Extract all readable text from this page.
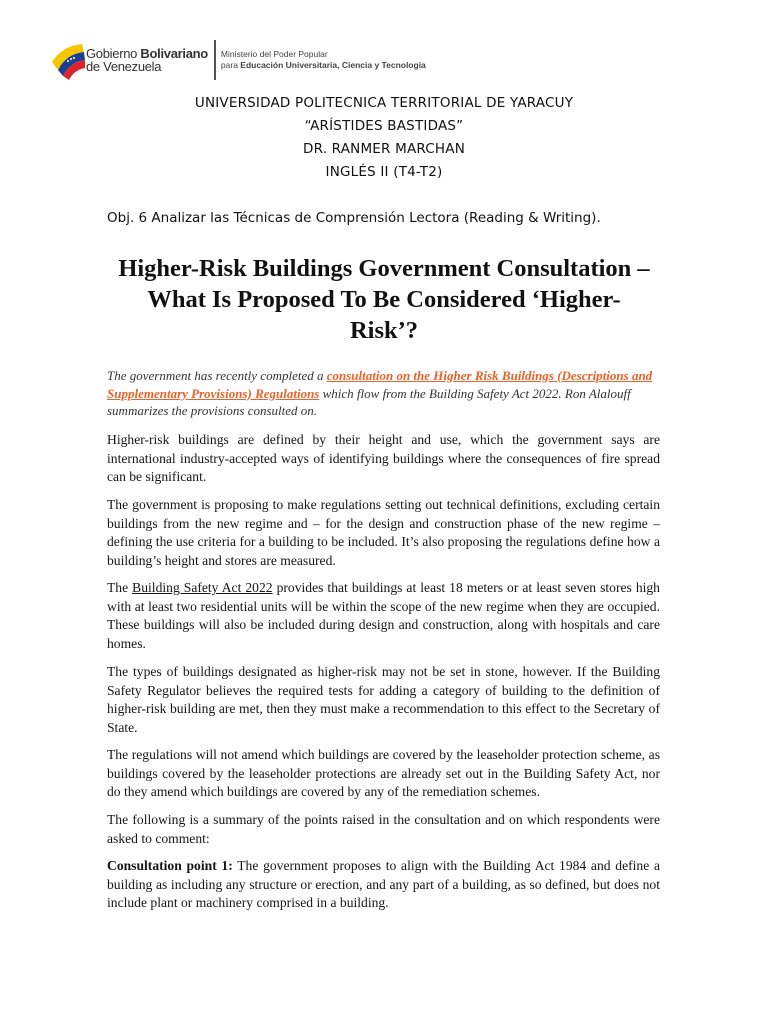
Gobierno Bolivariano
de Venezuela
Ministerio del Poder Popular
para Educación Universitaria, Ciencia y Tecnología
UNIVERSIDAD POLITECNICA TERRITORIAL DE YARACUY
“ARÍSTIDES BASTIDAS”
DR. RANMER MARCHAN
INGLÉS II (T4-T2)
Obj. 6 Analizar las Técnicas de Comprensión Lectora (Reading & Writing).
Higher-Risk Buildings Government Consultation –
What Is Proposed To Be Considered ‘Higher-
Risk’?
The government has recently completed a consultation on the Higher Risk Buildings (Descriptions and Supplementary Provisions) Regulations which flow from the Building Safety Act 2022. Ron Alalouff summarizes the provisions consulted on.
Higher-risk buildings are defined by their height and use, which the government says are international industry-accepted ways of identifying buildings where the consequences of fire spread can be significant.
The government is proposing to make regulations setting out technical definitions, excluding certain buildings from the new regime and – for the design and construction phase of the new regime – defining the use criteria for a building to be included. It’s also proposing the regulations define how a building’s height and stores are measured.
The Building Safety Act 2022 provides that buildings at least 18 meters or at least seven stores high with at least two residential units will be within the scope of the new regime when they are occupied. These buildings will also be included during design and construction, along with hospitals and care homes.
The types of buildings designated as higher-risk may not be set in stone, however. If the Building Safety Regulator believes the required tests for adding a category of building to the definition of higher-risk building are met, then they must make a recommendation to this effect to the Secretary of State.
The regulations will not amend which buildings are covered by the leaseholder protection scheme, as buildings covered by the leaseholder protections are already set out in the Building Safety Act, nor do they amend which buildings are covered by any of the remediation schemes.
The following is a summary of the points raised in the consultation and on which respondents were asked to comment:
Consultation point 1: The government proposes to align with the Building Act 1984 and define a building as including any structure or erection, and any part of a building, as so defined, but does not include plant or machinery comprised in a building.
